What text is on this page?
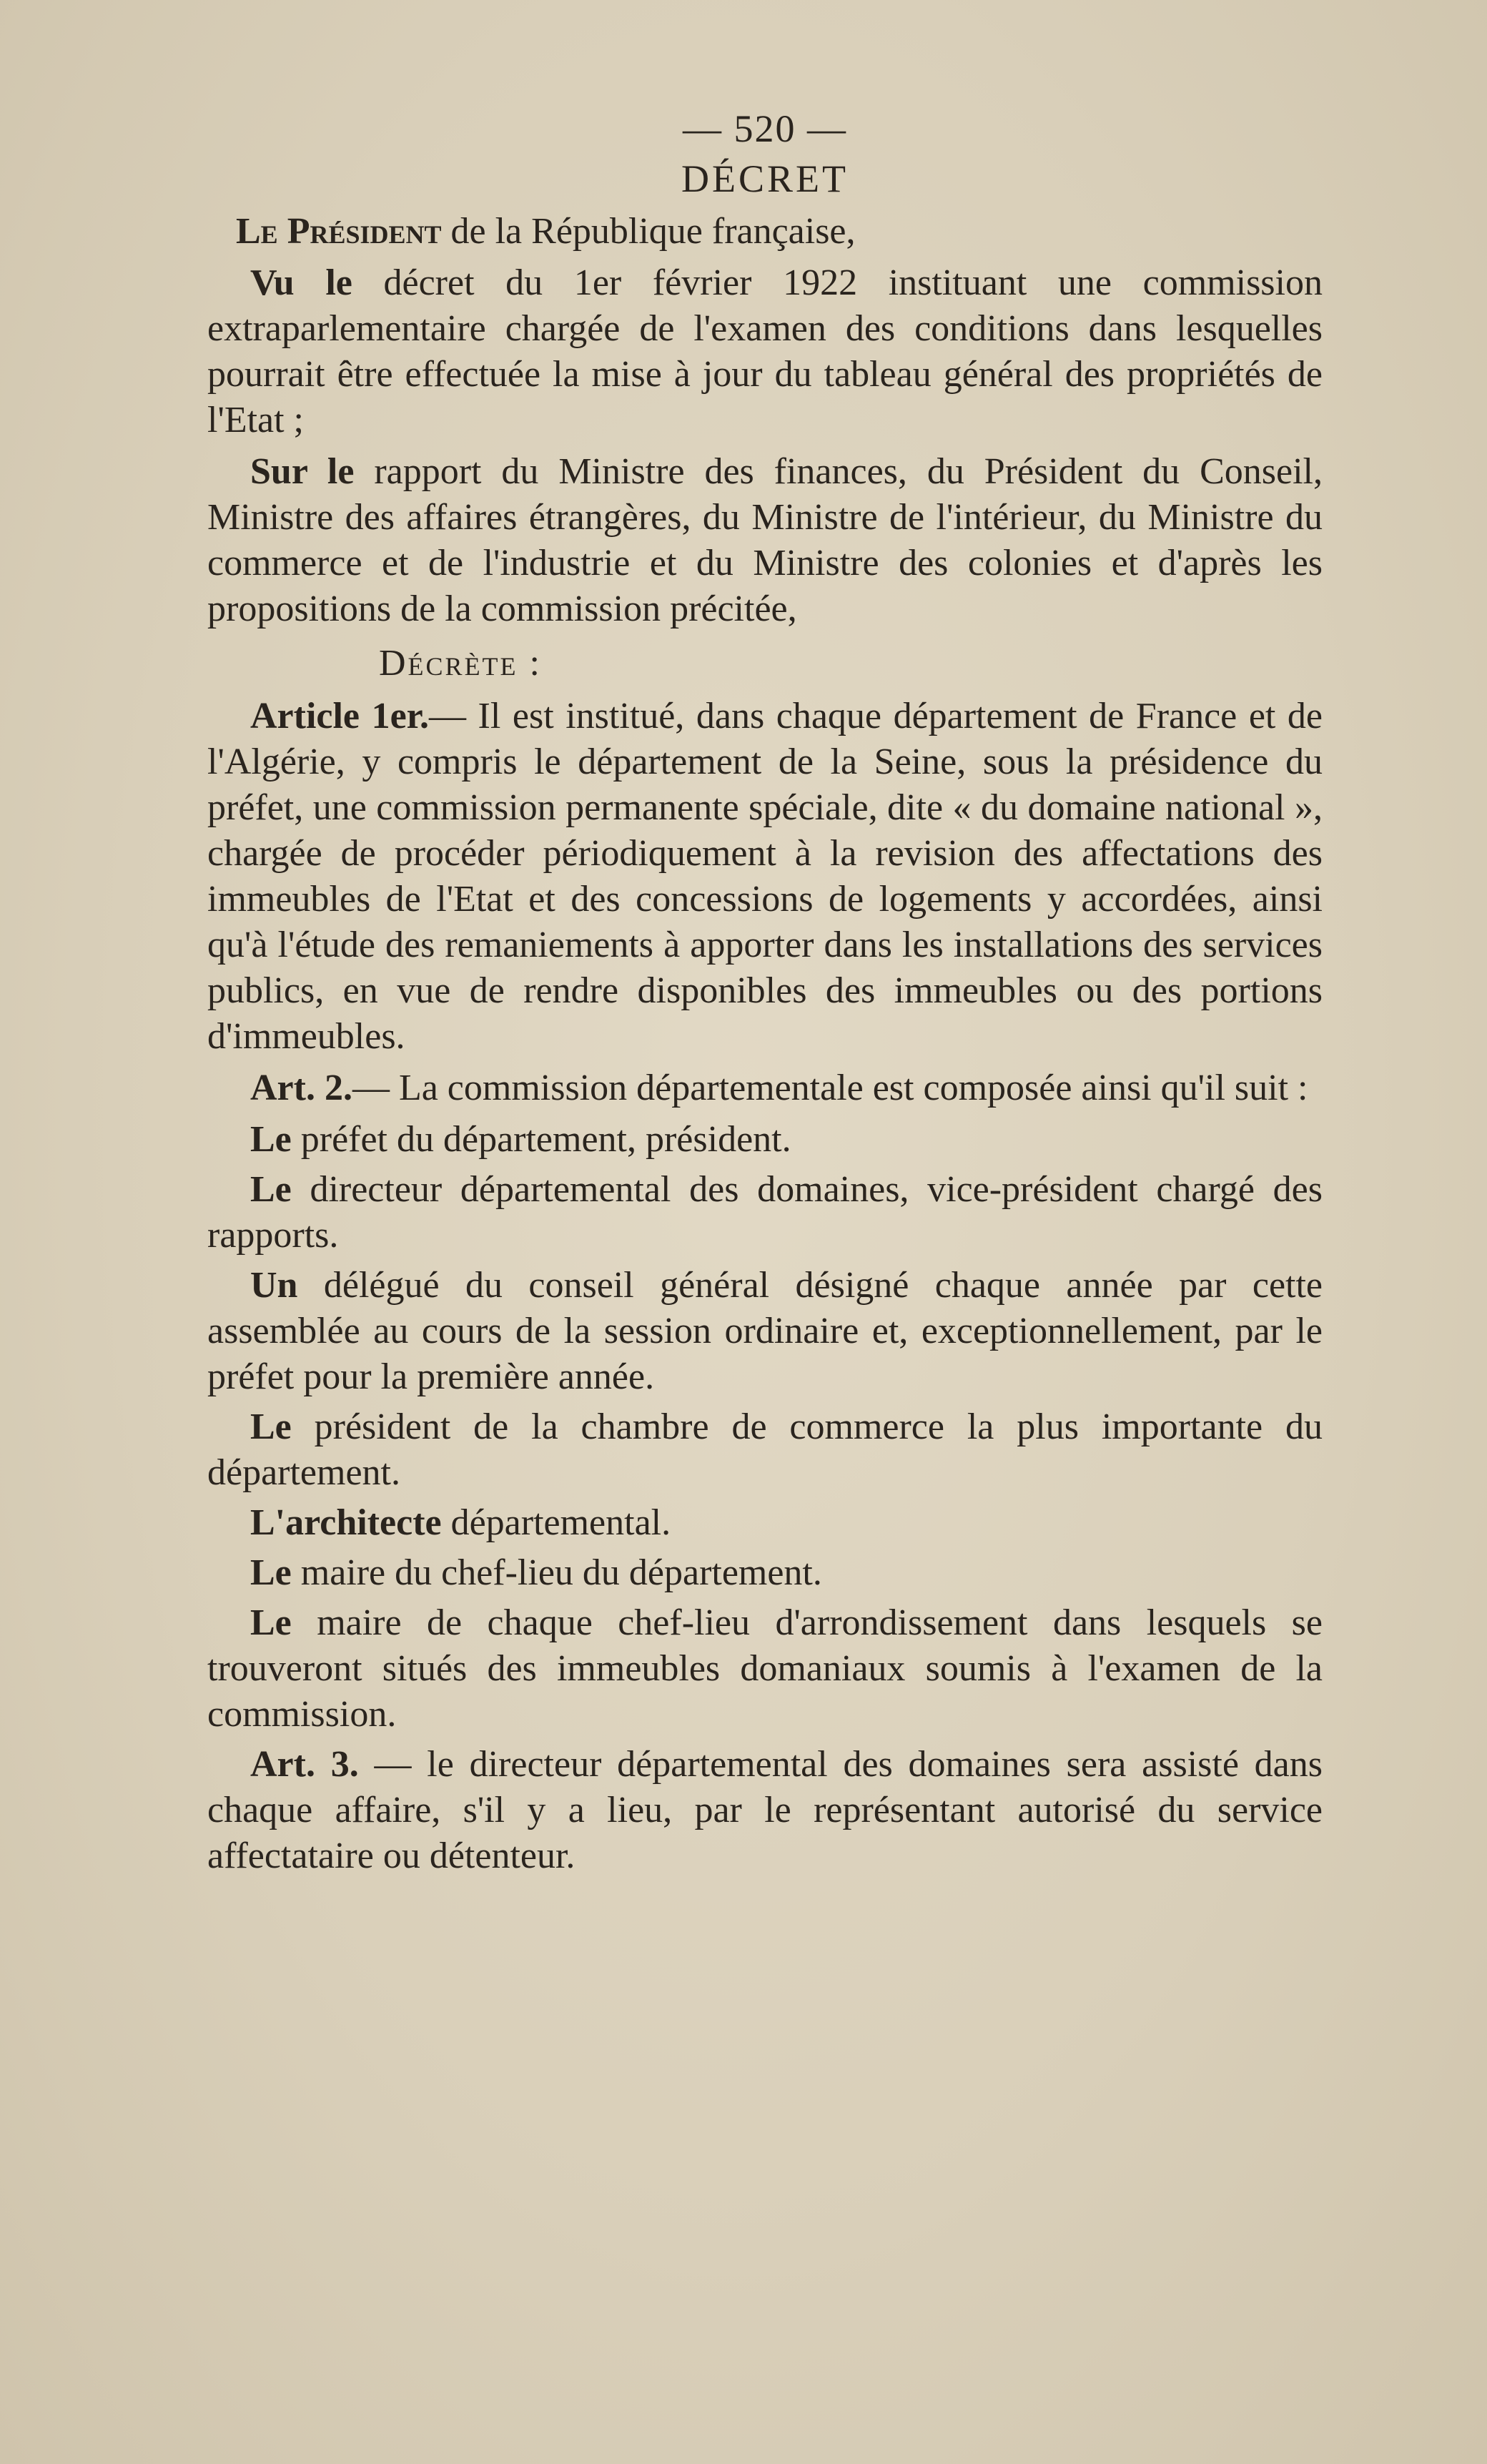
— 520 —
DÉCRET

Le Président de la République française,

Vu le décret du 1er février 1922 instituant une commission extraparlementaire chargée de l'examen des conditions dans lesquelles pourrait être effectuée la mise à jour du tableau général des propriétés de l'Etat ;

Sur le rapport du Ministre des finances, du Président du Conseil, Ministre des affaires étrangères, du Ministre de l'intérieur, du Ministre du commerce et de l'industrie et du Ministre des colonies et d'après les propositions de la commission précitée,

Décrète :

Article 1er.— Il est institué, dans chaque département de France et de l'Algérie, y compris le département de la Seine, sous la présidence du préfet, une commission permanente spéciale, dite « du domaine national », chargée de procéder périodiquement à la revision des affectations des immeubles de l'Etat et des concessions de logements y accordées, ainsi qu'à l'étude des remaniements à apporter dans les installations des services publics, en vue de rendre disponibles des immeubles ou des portions d'immeubles.

Art. 2.— La commission départementale est composée ainsi qu'il suit :

Le préfet du département, président.

Le directeur départemental des domaines, vice-président chargé des rapports.

Un délégué du conseil général désigné chaque année par cette assemblée au cours de la session ordinaire et, exceptionnellement, par le préfet pour la première année.

Le président de la chambre de commerce la plus importante du département.

L'architecte départemental.

Le maire du chef-lieu du département.

Le maire de chaque chef-lieu d'arrondissement dans lesquels se trouveront situés des immeubles domaniaux soumis à l'examen de la commission.

Art. 3. — le directeur départemental des domaines sera assisté dans chaque affaire, s'il y a lieu, par le représentant autorisé du service affectataire ou détenteur.
